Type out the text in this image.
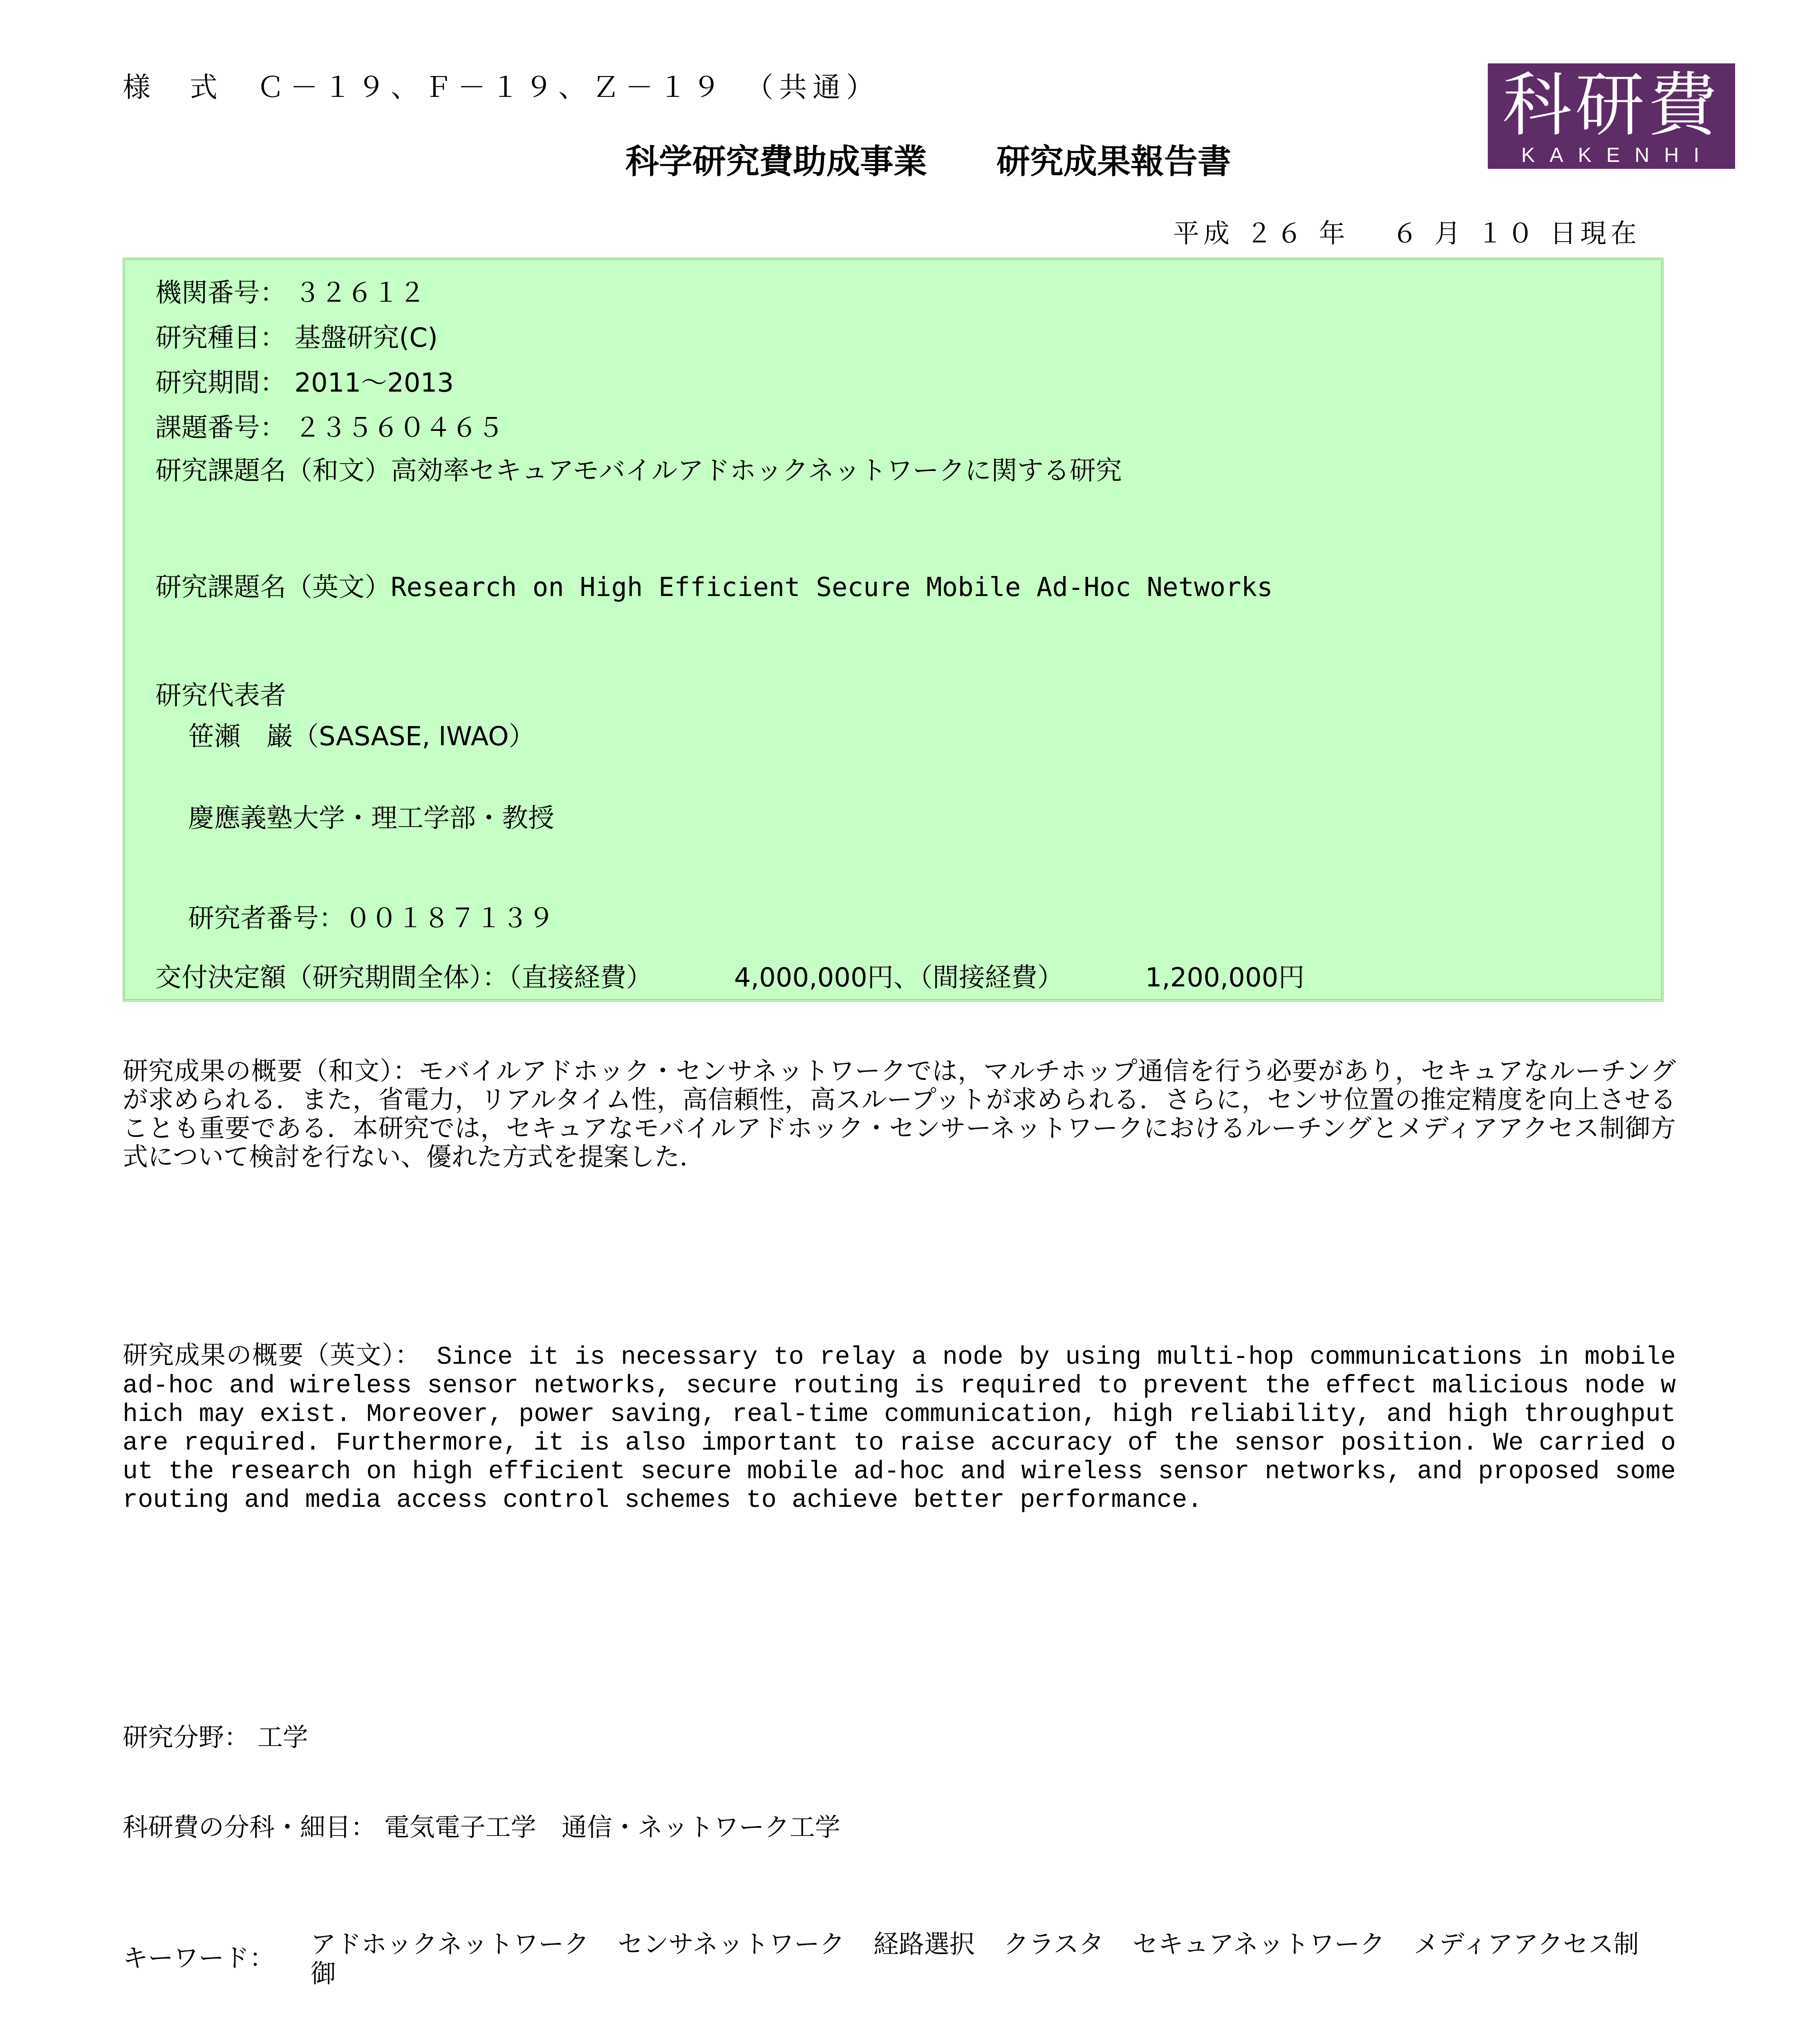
様　式　Ｃ－１９、Ｆ－１９、Ｚ－１９　（共通）
科学研究費助成事業 研究成果報告書
科研費
KAKENHI
平成 ２６ 年　 ６ 月 １０ 日現在
機関番号： ３２６１２
研究種目： 基盤研究(C)
研究期間： 2011～2013
課題番号： ２３５６０４６５
研究課題名（和文）高効率セキュアモバイルアドホックネットワークに関する研究
研究課題名（英文）Research on High Efficient Secure Mobile Ad-Hoc Networks
研究代表者
笹瀬　巌（SASASE, IWAO）
慶應義塾大学・理工学部・教授
研究者番号：００１８７１３９
交付決定額（研究期間全体）：（直接経費）	4,000,000円、（間接経費）	1,200,000円
研究成果の概要（和文）：モバイルアドホック・センサネットワークでは，マルチホップ通信を行う必要があり，セキュアなルーチングが求められる．また，省電力，リアルタイム性，高信頼性，高スループットが求められる．さらに，センサ位置の推定精度を向上させることも重要である．本研究では，セキュアなモバイルアドホック・センサーネットワークにおけるルーチングとメディアアクセス制御方式について検討を行ない、優れた方式を提案した．
研究成果の概要（英文）： Since it is necessary to relay a node by using multi-hop communications in mobile ad-hoc and wireless sensor networks, secure routing is required to prevent the effect malicious node which may exist. Moreover, power saving, real-time communication, high reliability, and high throughput are required. Furthermore, it is also important to raise accuracy of the sensor position. We carried out the research on high efficient secure mobile ad-hoc and wireless sensor networks, and proposed some routing and media access control schemes to achieve better performance.
研究分野： 工学
科研費の分科・細目： 電気電子工学　通信・ネットワーク工学
キーワード： アドホックネットワーク センサネットワーク 経路選択 クラスタ セキュアネットワーク メディアアクセス制御
